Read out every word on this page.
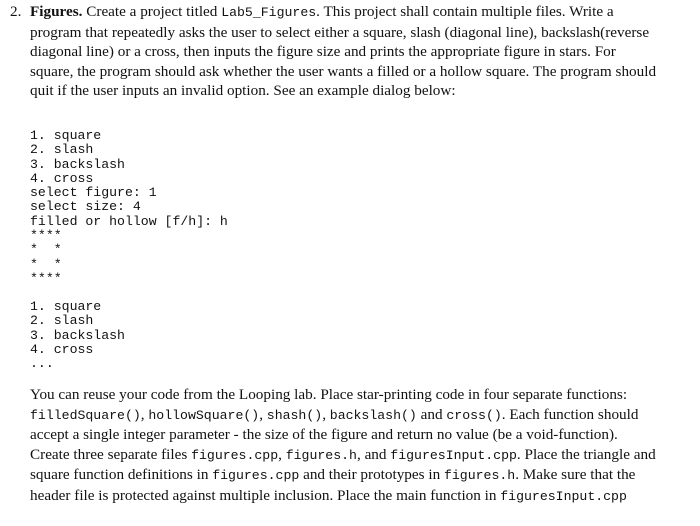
2. Figures. Create a project titled Lab5_Figures. This project shall contain multiple files. Write a program that repeatedly asks the user to select either a square, slash (diagonal line), backslash(reverse diagonal line) or a cross, then inputs the figure size and prints the appropriate figure in stars. For square, the program should ask whether the user wants a filled or a hollow square. The program should quit if the user inputs an invalid option. See an example dialog below:

1. square
2. slash
3. backslash
4. cross
select figure: 1
select size: 4
filled or hollow [f/h]: h
****
*  *
*  *
****
1. square
2. slash
3. backslash
4. cross
...

You can reuse your code from the Looping lab. Place star-printing code in four separate functions: filledSquare(), hollowSquare(), shash(), backslash() and cross(). Each function should accept a single integer parameter - the size of the figure and return no value (be a void-function). Create three separate files figures.cpp, figures.h, and figuresInput.cpp. Place the triangle and square function definitions in figures.cpp and their prototypes in figures.h. Make sure that the header file is protected against multiple inclusion. Place the main function in figuresInput.cpp
